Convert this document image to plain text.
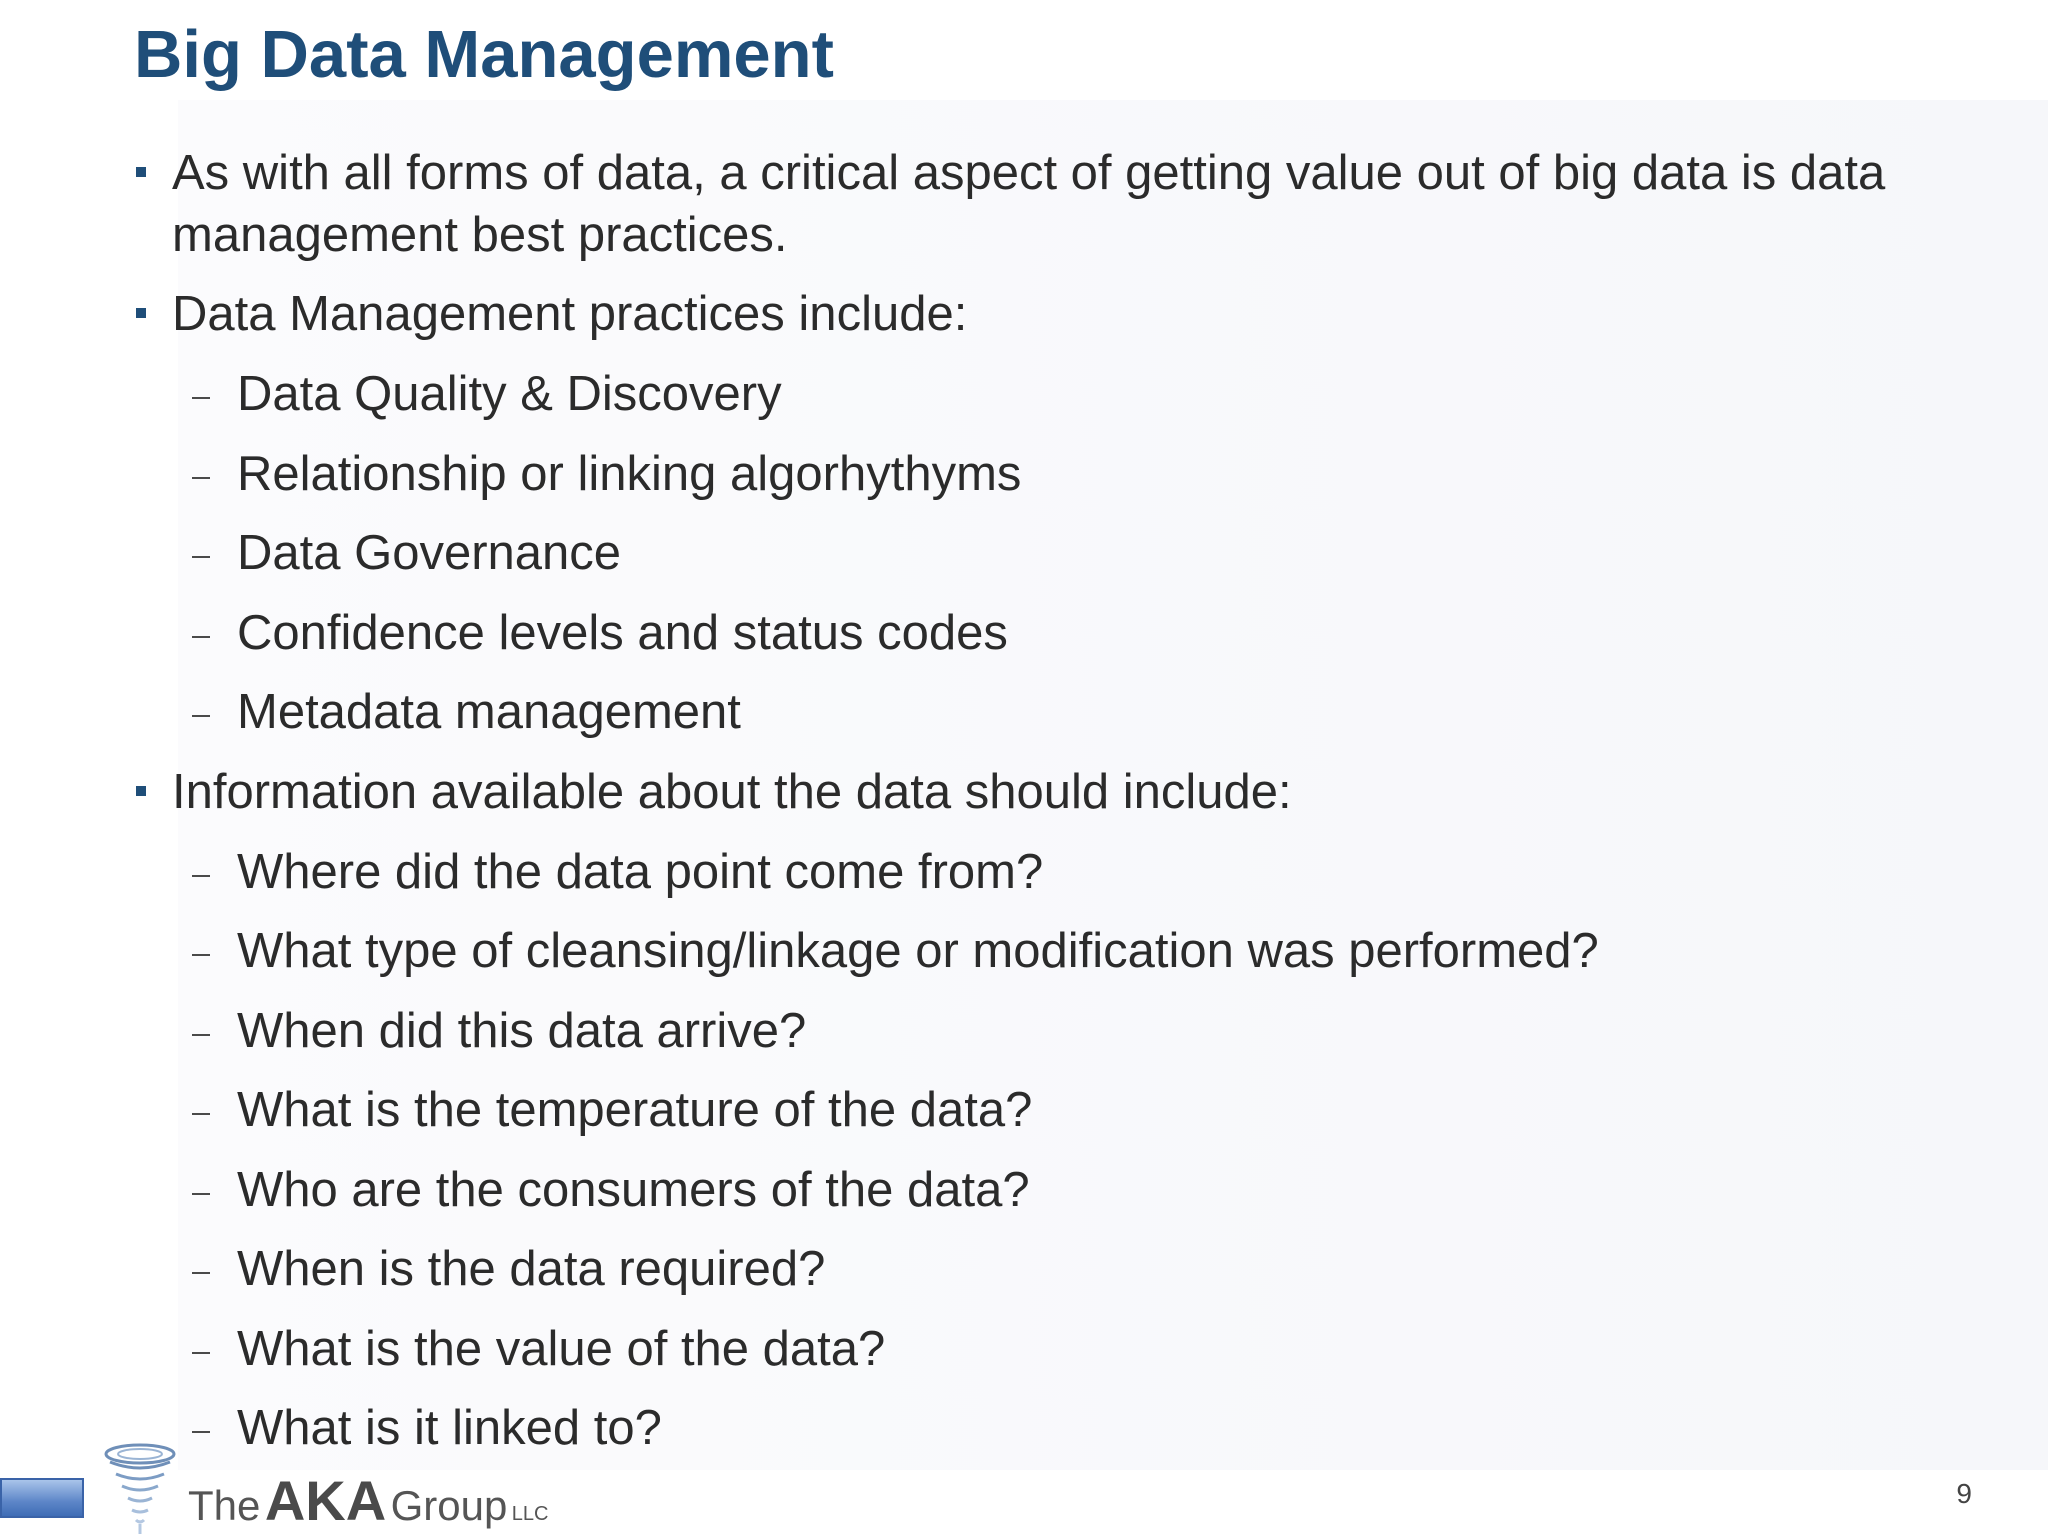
Big Data Management
As with all forms of data, a critical aspect of getting value out of big data is data
management best practices.
Data Management practices include:
Data Quality & Discovery
Relationship or linking algorhythyms
Data Governance
Confidence levels and status codes
Metadata management
Information available about the data should include:
Where did the data point come from?
What type of cleansing/linkage or modification was performed?
When did this data arrive?
What is the temperature of the data?
Who are the consumers of the data?
When is the data required?
What is the value of the data?
What is it linked to?
The AKA Group LLC
9
